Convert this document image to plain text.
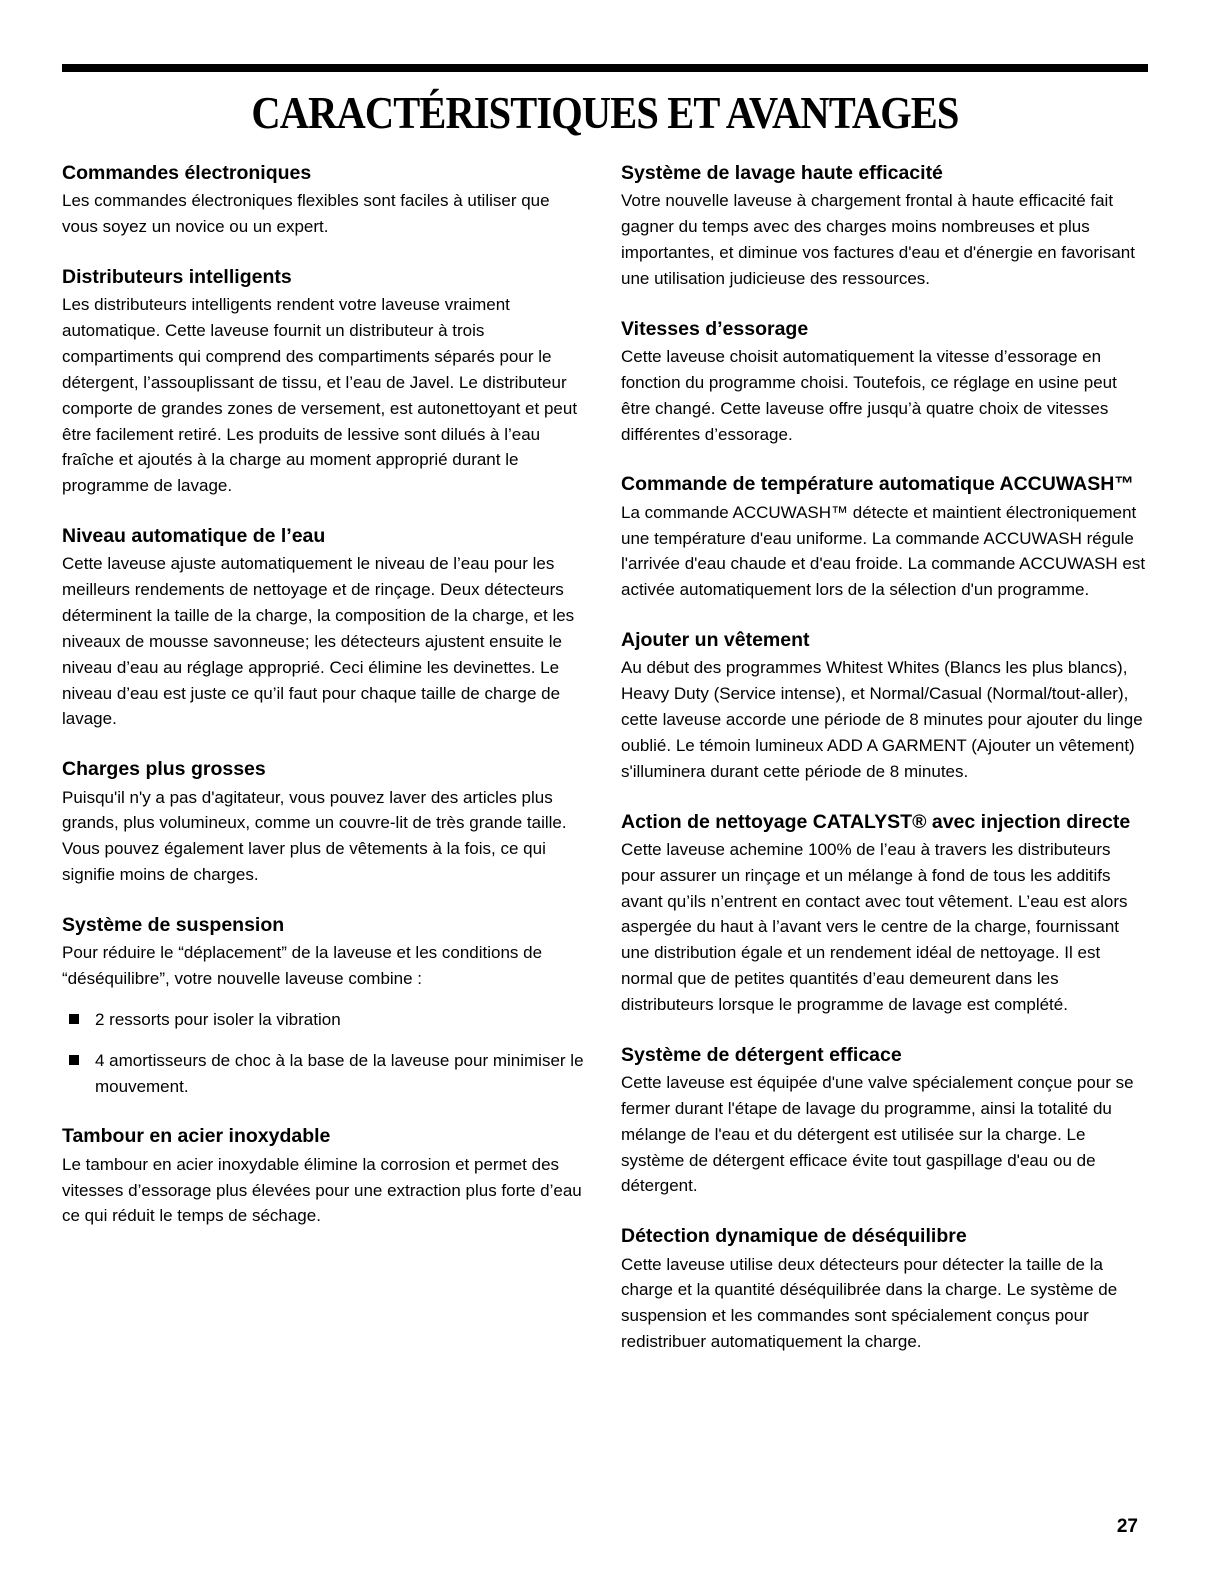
CARACTÉRISTIQUES ET AVANTAGES
Commandes électroniques

Les commandes électroniques flexibles sont faciles à utiliser que vous soyez un novice ou un expert.

Distributeurs intelligents

Les distributeurs intelligents rendent votre laveuse vraiment automatique. Cette laveuse fournit un distributeur à trois compartiments qui comprend des compartiments séparés pour le détergent, l’assouplissant de tissu, et l’eau de Javel. Le distributeur comporte de grandes zones de versement, est autonettoyant et peut être facilement retiré. Les produits de lessive sont dilués à l’eau fraîche et ajoutés à la charge au moment approprié durant le programme de lavage.

Niveau automatique de l’eau

Cette laveuse ajuste automatiquement le niveau de l’eau pour les meilleurs rendements de nettoyage et de rinçage. Deux détecteurs déterminent la taille de la charge, la composition de la charge, et les niveaux de mousse savonneuse; les détecteurs ajustent ensuite le niveau d’eau au réglage approprié. Ceci élimine les devinettes. Le niveau d’eau est juste ce qu’il faut pour chaque taille de charge de lavage.

Charges plus grosses

Puisqu'il n'y a pas d'agitateur, vous pouvez laver des articles plus grands, plus volumineux, comme un couvre-lit de très grande taille. Vous pouvez également laver plus de vêtements à la fois, ce qui signifie moins de charges.

Système de suspension

Pour réduire le “déplacement” de la laveuse et les conditions de “déséquilibre”, votre nouvelle laveuse combine :

2 ressorts pour isoler la vibration
4 amortisseurs de choc à la base de la laveuse pour minimiser le mouvement.
Tambour en acier inoxydable

Le tambour en acier inoxydable élimine la corrosion et permet des vitesses d’essorage plus élevées pour une extraction plus forte d’eau ce qui réduit le temps de séchage.

Système de lavage haute efficacité

Votre nouvelle laveuse à chargement frontal à haute efficacité fait gagner du temps avec des charges moins nombreuses et plus importantes, et diminue vos factures d'eau et d'énergie en favorisant une utilisation judicieuse des ressources.

Vitesses d’essorage

Cette laveuse choisit automatiquement la vitesse d’essorage en fonction du programme choisi. Toutefois, ce réglage en usine peut être changé. Cette laveuse offre jusqu’à quatre choix de vitesses différentes d’essorage.

Commande de température automatique ACCUWASH™

La commande ACCUWASH™ détecte et maintient électroniquement une température d'eau uniforme. La commande ACCUWASH régule l'arrivée d'eau chaude et d'eau froide. La commande ACCUWASH est activée automatiquement lors de la sélection d'un programme.

Ajouter un vêtement

Au début des programmes Whitest Whites (Blancs les plus blancs), Heavy Duty (Service intense), et Normal/Casual (Normal/tout-aller), cette laveuse accorde une période de 8 minutes pour ajouter du linge oublié. Le témoin lumineux ADD A GARMENT (Ajouter un vêtement) s'illuminera durant cette période de 8 minutes.

Action de nettoyage CATALYST® avec injection directe

Cette laveuse achemine 100% de l’eau à travers les distributeurs pour assurer un rinçage et un mélange à fond de tous les additifs avant qu’ils n’entrent en contact avec tout vêtement. L’eau est alors aspergée du haut à l’avant vers le centre de la charge, fournissant une distribution égale et un rendement idéal de nettoyage. Il est normal que de petites quantités d’eau demeurent dans les distributeurs lorsque le programme de lavage est complété.

Système de détergent efficace

Cette laveuse est équipée d'une valve spécialement conçue pour se fermer durant l'étape de lavage du programme, ainsi la totalité du mélange de l'eau et du détergent est utilisée sur la charge. Le système de détergent efficace évite tout gaspillage d'eau ou de détergent.

Détection dynamique de déséquilibre

Cette laveuse utilise deux détecteurs pour détecter la taille de la charge et la quantité déséquilibrée dans la charge. Le système de suspension et les commandes sont spécialement conçus pour redistribuer automatiquement la charge.

27
